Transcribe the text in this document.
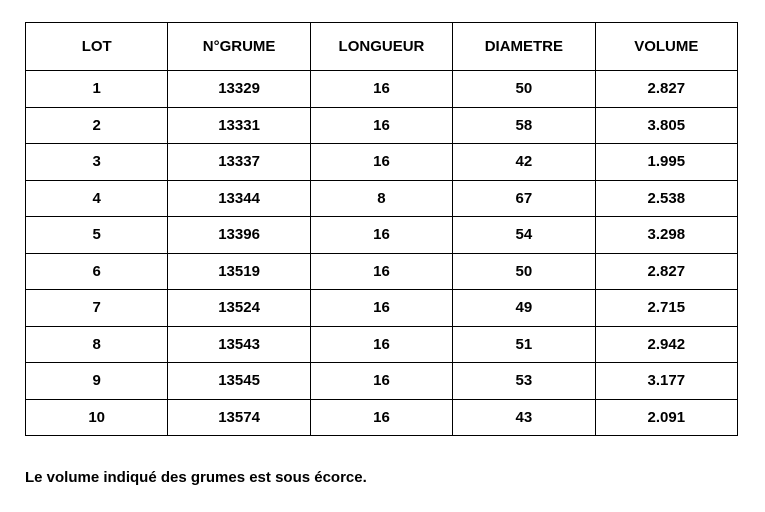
LOT	N°GRUME	LONGUEUR	DIAMETRE	VOLUME
1	13329	16	50	2.827
2	13331	16	58	3.805
3	13337	16	42	1.995
4	13344	8	67	2.538
5	13396	16	54	3.298
6	13519	16	50	2.827
7	13524	16	49	2.715
8	13543	16	51	2.942
9	13545	16	53	3.177
10	13574	16	43	2.091
Le volume indiqué des grumes est sous écorce.
